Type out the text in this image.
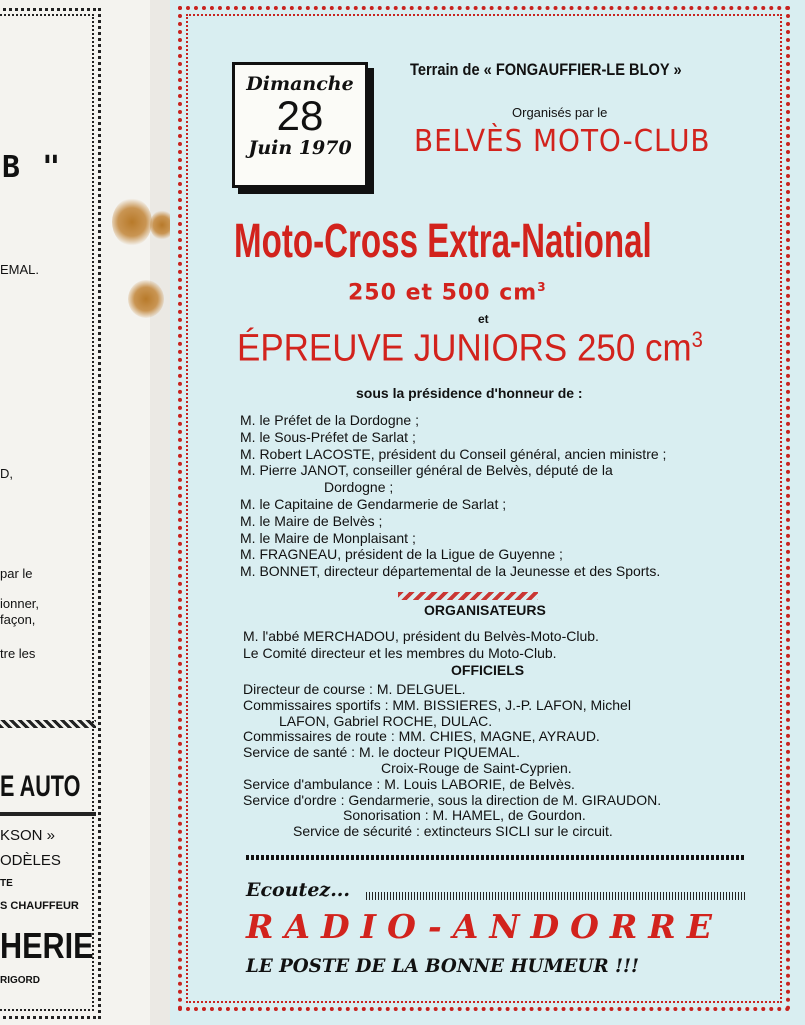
B "
EMAL.
D,
par le
ionner,
façon,
tre les
E AUTO
KSON »
ODÈLES
TE
S CHAUFFEUR
HERIE
RIGORD
Dimanche
28
Juin 1970
Terrain de « FONGAUFFIER-LE BLOY »
Organisés par le
BELVÈS MOTO-CLUB
Moto-Cross Extra-National
250 et 500 $cm^3$
et
ÉPREUVE JUNIORS 250 $cm^3$
sous la présidence d'honneur de :
M. le Préfet de la Dordogne ;
M. le Sous-Préfet de Sarlat ;
M. Robert LACOSTE, président du Conseil général, ancien ministre ;
M. Pierre JANOT, conseiller général de Belvès, député de la
Dordogne ;
M. le Capitaine de Gendarmerie de Sarlat ;
M. le Maire de Belvès ;
M. le Maire de Monplaisant ;
M. FRAGNEAU, président de la Ligue de Guyenne ;
M. BONNET, directeur départemental de la Jeunesse et des Sports.
ORGANISATEURS
M. l'abbé MERCHADOU, président du Belvès-Moto-Club.
Le Comité directeur et les membres du Moto-Club.
OFFICIELS
Directeur de course : M. DELGUEL.
Commissaires sportifs : MM. BISSIERES, J.-P. LAFON, Michel
LAFON, Gabriel ROCHE, DULAC.
Commissaires de route : MM. CHIES, MAGNE, AYRAUD.
Service de santé : M. le docteur PIQUEMAL.
Croix-Rouge de Saint-Cyprien.
Service d'ambulance : M. Louis LABORIE, de Belvès.
Service d'ordre : Gendarmerie, sous la direction de M. GIRAUDON.
Sonorisation : M. HAMEL, de Gourdon.
Service de sécurité : extincteurs SICLI sur le circuit.
Ecoutez...
RADIO-ANDORRE
LE POSTE DE LA BONNE HUMEUR !!!
